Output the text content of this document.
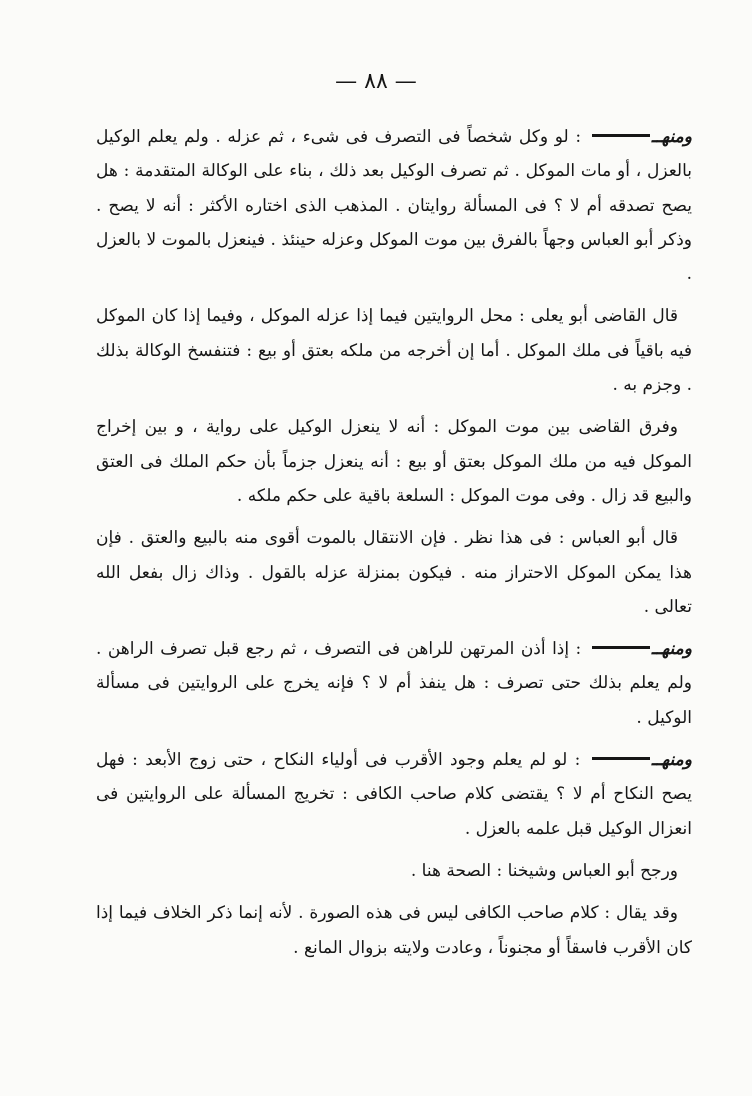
— ٨٨ —

ومنهــ : لو وكل شخصاً فى التصرف فى شىء ، ثم عزله . ولم يعلم الوكيل بالعزل ، أو مات الموكل . ثم تصرف الوكيل بعد ذلك ، بناء على الوكالة المتقدمة : هل يصح تصدقه أم لا ؟ فى المسألة روايتان . المذهب الذى اختاره الأكثر : أنه لا يصح . وذكر أبو العباس وجهاً بالفرق بين موت الموكل وعزله حينئذ . فينعزل بالموت لا بالعزل .

قال القاضى أبو يعلى : محل الروايتين فيما إذا عزله الموكل ، وفيما إذا كان الموكل فيه باقياً فى ملك الموكل . أما إن أخرجه من ملكه بعتق أو بيع : فتنفسخ الوكالة بذلك . وجزم به .

وفرق القاضى بين موت الموكل : أنه لا ينعزل الوكيل على رواية ، و بين إخراج الموكل فيه من ملك الموكل بعتق أو بيع : أنه ينعزل جزماً بأن حكم الملك فى العتق والبيع قد زال . وفى موت الموكل : السلعة باقية على حكم ملكه .

قال أبو العباس : فى هذا نظر . فإن الانتقال بالموت أقوى منه بالبيع والعتق . فإن هذا يمكن الموكل الاحتراز منه . فيكون بمنزلة عزله بالقول . وذاك زال بفعل الله تعالى .

ومنهــ : إذا أذن المرتهن للراهن فى التصرف ، ثم رجع قبل تصرف الراهن . ولم يعلم بذلك حتى تصرف : هل ينفذ أم لا ؟ فإنه يخرج على الروايتين فى مسألة الوكيل .

ومنهــ : لو لم يعلم وجود الأقرب فى أولياء النكاح ، حتى زوج الأبعد : فهل يصح النكاح أم لا ؟ يقتضى كلام صاحب الكافى : تخريج المسألة على الروايتين فى انعزال الوكيل قبل علمه بالعزل .

ورجح أبو العباس وشيخنا : الصحة هنا .

وقد يقال : كلام صاحب الكافى ليس فى هذه الصورة . لأنه إنما ذكر الخلاف فيما إذا كان الأقرب فاسقاً أو مجنوناً ، وعادت ولايته بزوال المانع .
